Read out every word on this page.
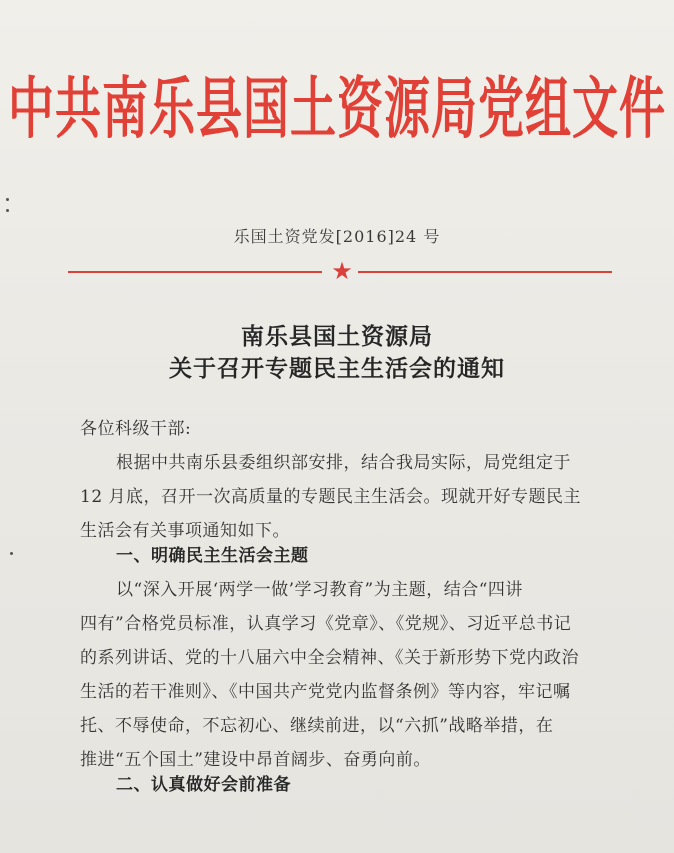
中共南乐县国土资源局党组文件
乐国土资党发[2016]24 号
★
南乐县国土资源局
关于召开专题民主生活会的通知
各位科级干部:
根据中共南乐县委组织部安排，结合我局实际，局党组定于
12 月底，召开一次高质量的专题民主生活会。现就开好专题民主
生活会有关事项通知如下。
一、明确民主生活会主题
以“深入开展‘两学一做’学习教育”为主题，结合“四讲
四有”合格党员标准，认真学习《党章》、《党规》、习近平总书记
的系列讲话、党的十八届六中全会精神、《关于新形势下党内政治
生活的若干准则》、《中国共产党党内监督条例》等内容，牢记嘱
托、不辱使命，不忘初心、继续前进，以“六抓”战略举措，在
推进“五个国土”建设中昂首阔步、奋勇向前。
二、认真做好会前准备
